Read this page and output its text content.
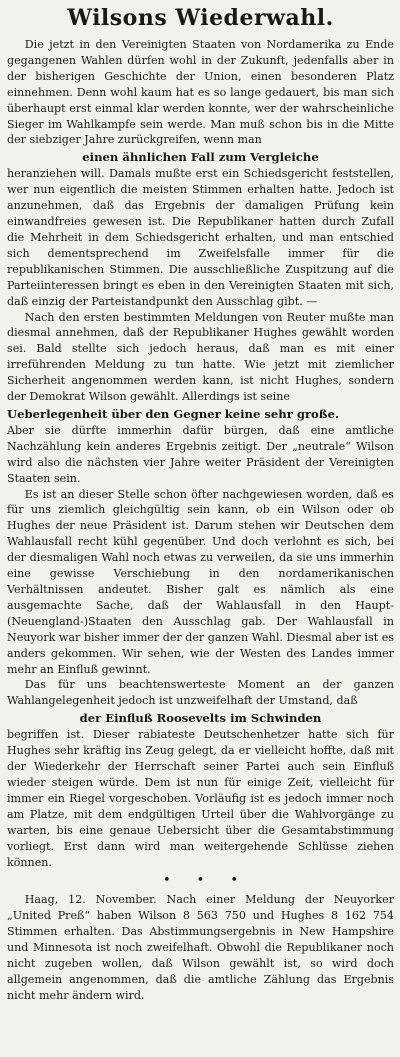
Wilsons Wiederwahl.

Die jetzt in den Vereinigten Staaten von Nordamerika zu Ende gegangenen Wahlen dürfen wohl in der Zukunft, jedenfalls aber in der bisherigen Geschichte der Union, einen besonderen Platz einnehmen. Denn wohl kaum hat es so lange gedauert, bis man sich überhaupt erst einmal klar werden konnte, wer der wahrscheinliche Sieger im Wahlkampfe sein werde. Man muß schon bis in die Mitte der siebziger Jahre zurückgreifen, wenn man

einen ähnlichen Fall zum Vergleiche

heranziehen will. Damals mußte erst ein Schiedsgericht feststellen, wer nun eigentlich die meisten Stimmen erhalten hatte. Jedoch ist anzunehmen, daß das Ergebnis der damaligen Prüfung kein einwandfreies gewesen ist. Die Republikaner hatten durch Zufall die Mehrheit in dem Schiedsgericht erhalten, und man entschied sich dementsprechend im Zweifelsfalle immer für die republikanischen Stimmen. Die ausschließliche Zuspitzung auf die Parteiinteressen bringt es eben in den Vereinigten Staaten mit sich, daß einzig der Parteistandpunkt den Ausschlag gibt. —

Nach den ersten bestimmten Meldungen von Reuter mußte man diesmal annehmen, daß der Republikaner Hughes gewählt worden sei. Bald stellte sich jedoch heraus, daß man es mit einer irreführenden Meldung zu tun hatte. Wie jetzt mit ziemlicher Sicherheit angenommen werden kann, ist nicht Hughes, sondern der Demokrat Wilson gewählt. Allerdings ist seine

Ueberlegenheit über den Gegner keine sehr große.

Aber sie dürfte immerhin dafür bürgen, daß eine amtliche Nachzählung kein anderes Ergebnis zeitigt. Der „neutrale“ Wilson wird also die nächsten vier Jahre weiter Präsident der Vereinigten Staaten sein.

Es ist an dieser Stelle schon öfter nachgewiesen worden, daß es für uns ziemlich gleichgültig sein kann, ob ein Wilson oder ob Hughes der neue Präsident ist. Darum stehen wir Deutschen dem Wahlausfall recht kühl gegenüber. Und doch verlohnt es sich, bei der diesmaligen Wahl noch etwas zu verweilen, da sie uns immerhin eine gewisse Verschiebung in den nordamerikanischen Verhältnissen andeutet. Bisher galt es nämlich als eine ausgemachte Sache, daß der Wahlausfall in den Haupt-(Neuengland-)Staaten den Ausschlag gab. Der Wahlausfall in Neuyork war bisher immer der der ganzen Wahl. Diesmal aber ist es anders gekommen. Wir sehen, wie der Westen des Landes immer mehr an Einfluß gewinnt.

Das für uns beachtenswerteste Moment an der ganzen Wahlangelegenheit jedoch ist unzweifelhaft der Umstand, daß

der Einfluß Roosevelts im Schwinden

begriffen ist. Dieser rabiateste Deutschenhetzer hatte sich für Hughes sehr kräftig ins Zeug gelegt, da er vielleicht hoffte, daß mit der Wiederkehr der Herrschaft seiner Partei auch sein Einfluß wieder steigen würde. Dem ist nun für einige Zeit, vielleicht für immer ein Riegel vorgeschoben. Vorläufig ist es jedoch immer noch am Platze, mit dem endgültigen Urteil über die Wahlvorgänge zu warten, bis eine genaue Uebersicht über die Gesamtabstimmung vorliegt. Erst dann wird man weitergehende Schlüsse ziehen können.

•••

Haag, 12. November. Nach einer Meldung der Neuyorker „United Preß“ haben Wilson 8 563 750 und Hughes 8 162 754 Stimmen erhalten. Das Abstimmungsergebnis in New Hampshire und Minnesota ist noch zweifelhaft. Obwohl die Republikaner noch nicht zugeben wollen, daß Wilson gewählt ist, so wird doch allgemein angenommen, daß die amtliche Zählung das Ergebnis nicht mehr ändern wird.
